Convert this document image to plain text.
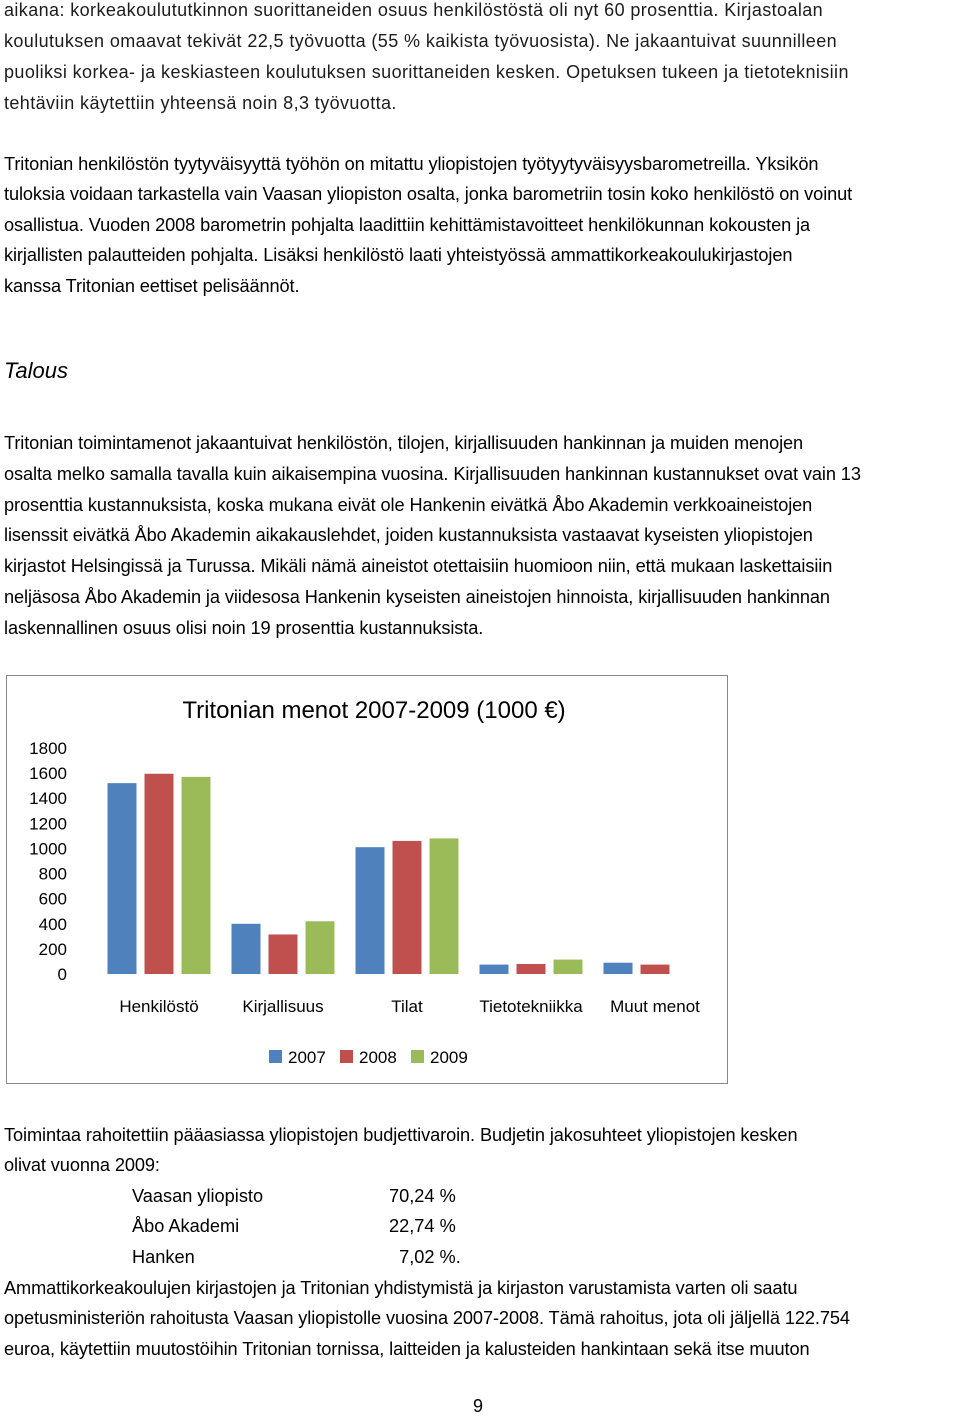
aikana: korkeakoulututkinnon suorittaneiden osuus henkilöstöstä oli nyt 60 prosenttia. Kirjastoalan
koulutuksen omaavat tekivät 22,5 työvuotta (55 % kaikista työvuosista). Ne jakaantuivat suunnilleen
puoliksi korkea- ja keskiasteen koulutuksen suorittaneiden kesken. Opetuksen tukeen ja tietoteknisiin
tehtäviin käytettiin yhteensä noin 8,3 työvuotta.
Tritonian henkilöstön tyytyväisyyttä työhön on mitattu yliopistojen työtyytyväisyysbarometreilla. Yksikön
tuloksia voidaan tarkastella vain Vaasan yliopiston osalta, jonka barometriin tosin koko henkilöstö on voinut
osallistua. Vuoden 2008 barometrin pohjalta laadittiin kehittämistavoitteet henkilökunnan kokousten ja
kirjallisten palautteiden pohjalta. Lisäksi henkilöstö laati yhteistyössä ammattikorkeakoulukirjastojen
kanssa Tritonian eettiset pelisäännöt.
Talous
Tritonian toimintamenot jakaantuivat henkilöstön, tilojen, kirjallisuuden hankinnan ja muiden menojen
osalta melko samalla tavalla kuin aikaisempina vuosina. Kirjallisuuden hankinnan kustannukset ovat vain 13
prosenttia kustannuksista, koska mukana eivät ole Hankenin eivätkä Åbo Akademin verkkoaineistojen
lisenssit eivätkä Åbo Akademin aikakauslehdet, joiden kustannuksista vastaavat kyseisten yliopistojen
kirjastot Helsingissä ja Turussa. Mikäli nämä aineistot otettaisiin huomioon niin, että mukaan laskettaisiin
neljäsosa Åbo Akademin ja viidesosa Hankenin kyseisten aineistojen hinnoista, kirjallisuuden hankinnan
laskennallinen osuus olisi noin 19 prosenttia kustannuksista.
Tritonian menot 2007-2009 (1000 €)
0
200
400
600
800
1000
1200
1400
1600
1800
Henkilöstö	Kirjallisuus	Tilat	Tietotekniikka Muut menot
2007 2008 2009
Toimintaa rahoitettiin pääasiassa yliopistojen budjettivaroin. Budjetin jakosuhteet yliopistojen kesken
olivat vuonna 2009:
Vaasan yliopisto	70,24 %
Åbo Akademi	22,74 %
Hanken	7,02 %.
Ammattikorkeakoulujen kirjastojen ja Tritonian yhdistymistä ja kirjaston varustamista varten oli saatu
opetusministeriön rahoitusta Vaasan yliopistolle vuosina 2007-2008. Tämä rahoitus, jota oli jäljellä 122.754
euroa, käytettiin muutostöihin Tritonian tornissa, laitteiden ja kalusteiden hankintaan sekä itse muuton
9
